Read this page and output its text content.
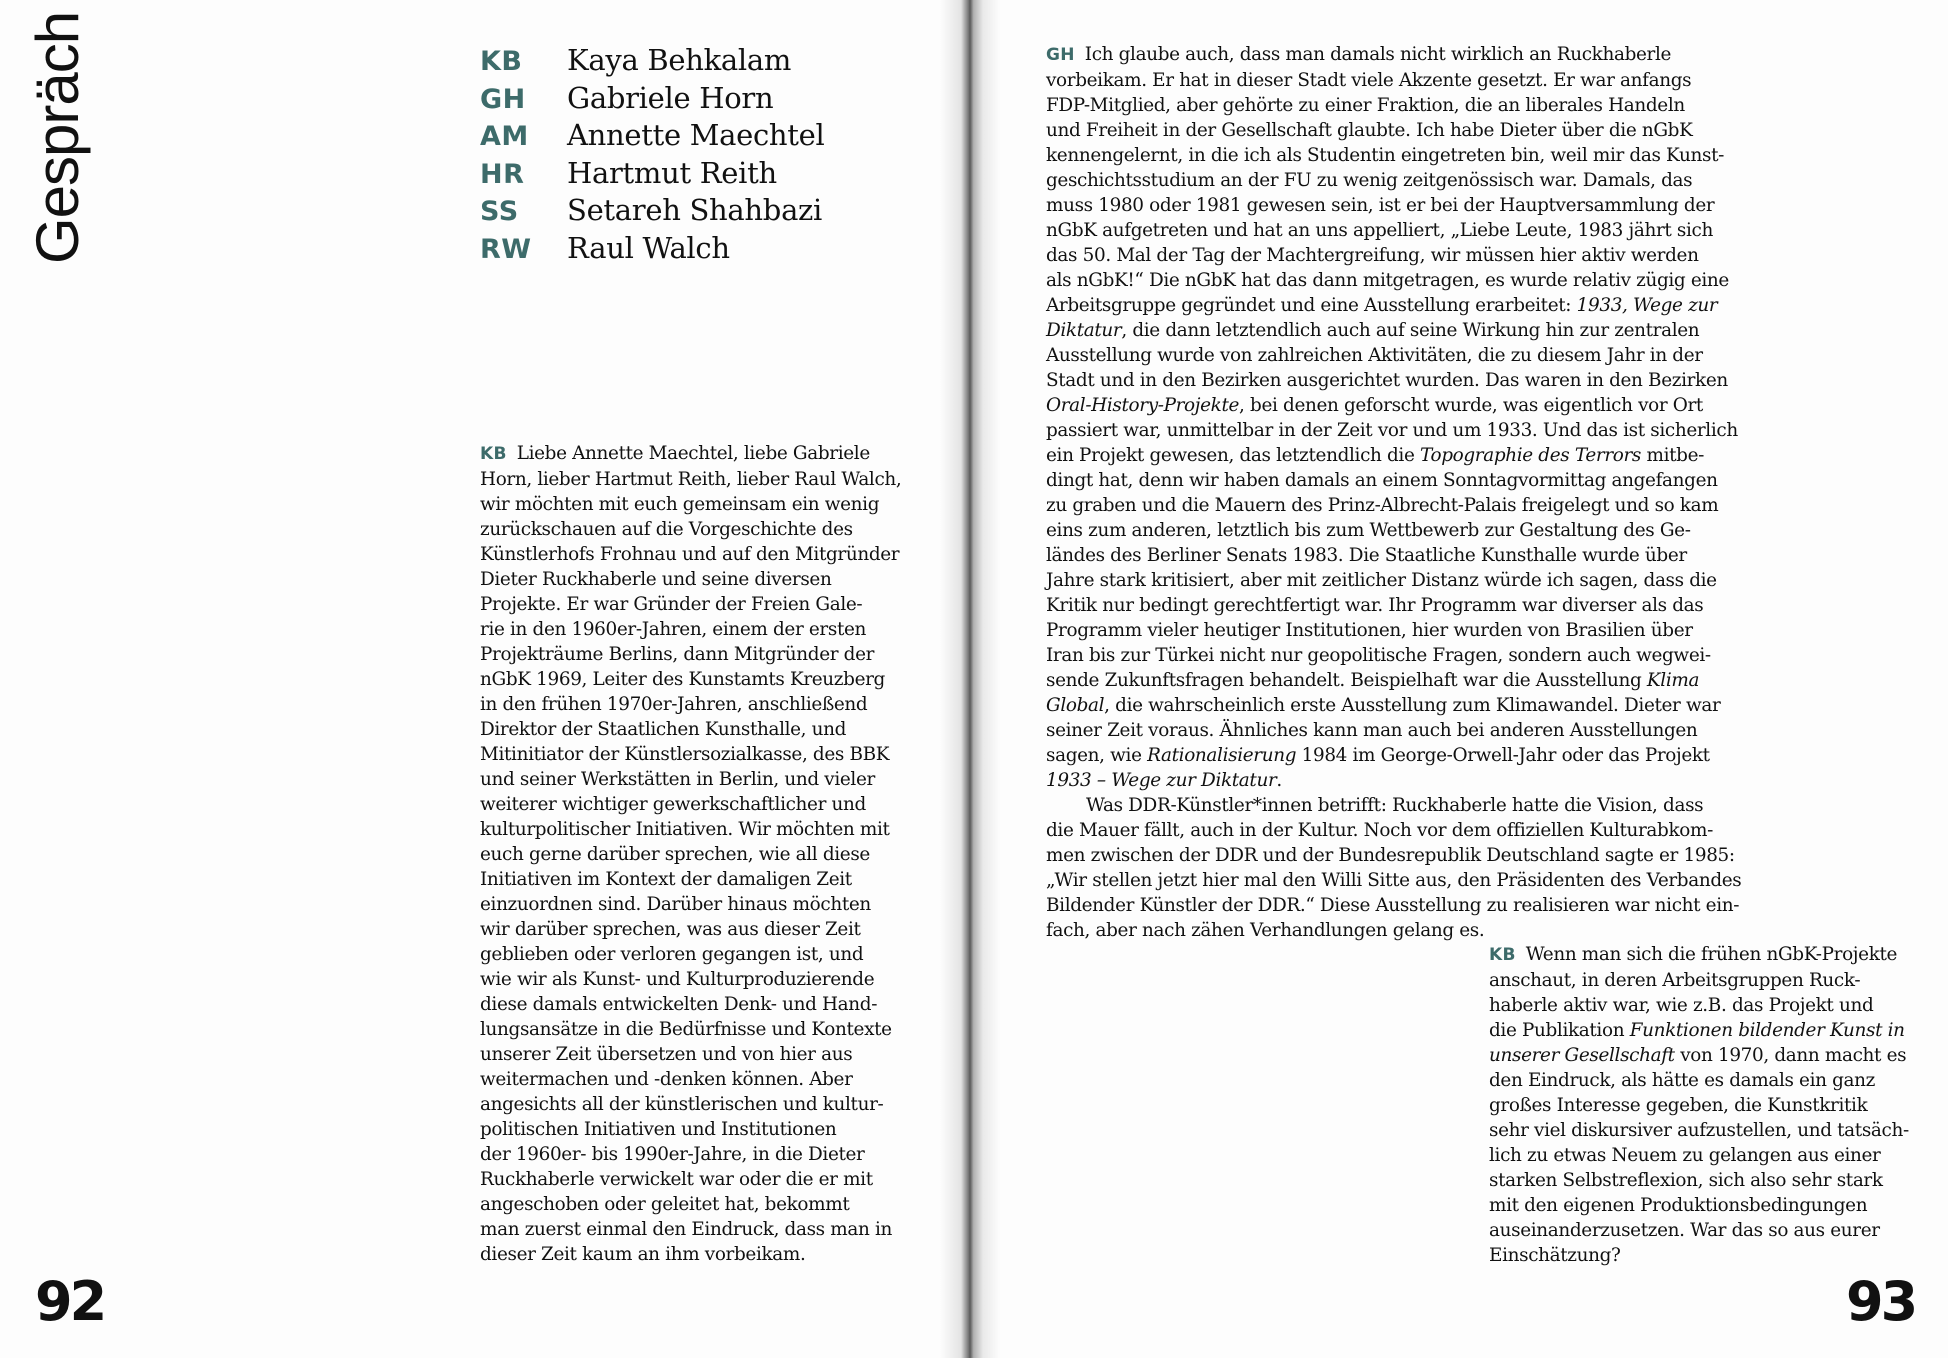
Gespräch	KB	Kaya Behkalam
GH	Gabriele Horn
AM	Annette Maechtel
HR	Hartmut Reith
SS	Setareh Shahbazi
RW	Raul Walch
KB Liebe Annette Maechtel, liebe Gabriele
Horn, lieber Hartmut Reith, lieber Raul Walch,
wir möchten mit euch gemeinsam ein wenig
zurückschauen auf die Vorgeschichte des
Künstlerhofs Frohnau und auf den Mitgründer
Dieter Ruckhaberle und seine diversen
Projekte. Er war Gründer der Freien Gale-
rie in den 1960er-Jahren, einem der ersten
Projekträume Berlins, dann Mitgründer der
nGbK 1969, Leiter des Kunstamts Kreuzberg
in den frühen 1970er-Jahren, anschließend
Direktor der Staatlichen Kunsthalle, und
Mitinitiator der Künstlersozialkasse, des BBK
und seiner Werkstätten in Berlin, und vieler
weiterer wichtiger gewerkschaftlicher und
kulturpolitischer Initiativen. Wir möchten mit
euch gerne darüber sprechen, wie all diese
Initiativen im Kontext der damaligen Zeit
einzuordnen sind. Darüber hinaus möchten
wir darüber sprechen, was aus dieser Zeit
geblieben oder verloren gegangen ist, und
wie wir als Kunst- und Kulturproduzierende
diese damals entwickelten Denk- und Hand-
lungsansätze in die Bedürfnisse und Kontexte
unserer Zeit übersetzen und von hier aus
weitermachen und -denken können. Aber
angesichts all der künstlerischen und kultur-
politischen Initiativen und Institutionen
der 1960er- bis 1990er-Jahre, in die Dieter
Ruckhaberle verwickelt war oder die er mit
angeschoben oder geleitet hat, bekommt
man zuerst einmal den Eindruck, dass man in
dieser Zeit kaum an ihm vorbeikam.
92	93
GH Ich glaube auch, dass man damals nicht wirklich an Ruckhaberle
vorbeikam. Er hat in dieser Stadt viele Akzente gesetzt. Er war anfangs
FDP-Mitglied, aber gehörte zu einer Fraktion, die an liberales Handeln
und Freiheit in der Gesellschaft glaubte. Ich habe Dieter über die nGbK
kennengelernt, in die ich als Studentin eingetreten bin, weil mir das Kunst-
geschichtsstudium an der FU zu wenig zeitgenössisch war. Damals, das
muss 1980 oder 1981 gewesen sein, ist er bei der Hauptversammlung der
nGbK aufgetreten und hat an uns appelliert, „Liebe Leute, 1983 jährt sich
das 50. Mal der Tag der Machtergreifung, wir müssen hier aktiv werden
als nGbK!“ Die nGbK hat das dann mitgetragen, es wurde relativ zügig eine
Arbeitsgruppe gegründet und eine Ausstellung erarbeitet: 1933, Wege zur
Diktatur, die dann letztendlich auch auf seine Wirkung hin zur zentralen
Ausstellung wurde von zahlreichen Aktivitäten, die zu diesem Jahr in der
Stadt und in den Bezirken ausgerichtet wurden. Das waren in den Bezirken
Oral-History-Projekte, bei denen geforscht wurde, was eigentlich vor Ort
passiert war, unmittelbar in der Zeit vor und um 1933. Und das ist sicherlich
ein Projekt gewesen, das letztendlich die Topographie des Terrors mitbe-
dingt hat, denn wir haben damals an einem Sonntagvormittag angefangen
zu graben und die Mauern des Prinz-Albrecht-Palais freigelegt und so kam
eins zum anderen, letztlich bis zum Wettbewerb zur Gestaltung des Ge-
ländes des Berliner Senats 1983. Die Staatliche Kunsthalle wurde über
Jahre stark kritisiert, aber mit zeitlicher Distanz würde ich sagen, dass die
Kritik nur bedingt gerechtfertigt war. Ihr Programm war diverser als das
Programm vieler heutiger Institutionen, hier wurden von Brasilien über
Iran bis zur Türkei nicht nur geopolitische Fragen, sondern auch wegwei-
sende Zukunftsfragen behandelt. Beispielhaft war die Ausstellung Klima
Global, die wahrscheinlich erste Ausstellung zum Klimawandel. Dieter war
seiner Zeit voraus. Ähnliches kann man auch bei anderen Ausstellungen
sagen, wie Rationalisierung 1984 im George-Orwell-Jahr oder das Projekt
1933 – Wege zur Diktatur.
Was DDR-Künstler*innen betrifft: Ruckhaberle hatte die Vision, dass
die Mauer fällt, auch in der Kultur. Noch vor dem offiziellen Kulturabkom-
men zwischen der DDR und der Bundesrepublik Deutschland sagte er 1985:
„Wir stellen jetzt hier mal den Willi Sitte aus, den Präsidenten des Verbandes
Bildender Künstler der DDR.“ Diese Ausstellung zu realisieren war nicht ein-
fach, aber nach zähen Verhandlungen gelang es.
KB Wenn man sich die frühen nGbK-Projekte
anschaut, in deren Arbeitsgruppen Ruck-
haberle aktiv war, wie z.B. das Projekt und
die Publikation Funktionen bildender Kunst in
unserer Gesellschaft von 1970, dann macht es
den Eindruck, als hätte es damals ein ganz
großes Interesse gegeben, die Kunstkritik
sehr viel diskursiver aufzustellen, und tatsäch-
lich zu etwas Neuem zu gelangen aus einer
starken Selbstreflexion, sich also sehr stark
mit den eigenen Produktionsbedingungen
auseinanderzusetzen. War das so aus eurer
Einschätzung?
